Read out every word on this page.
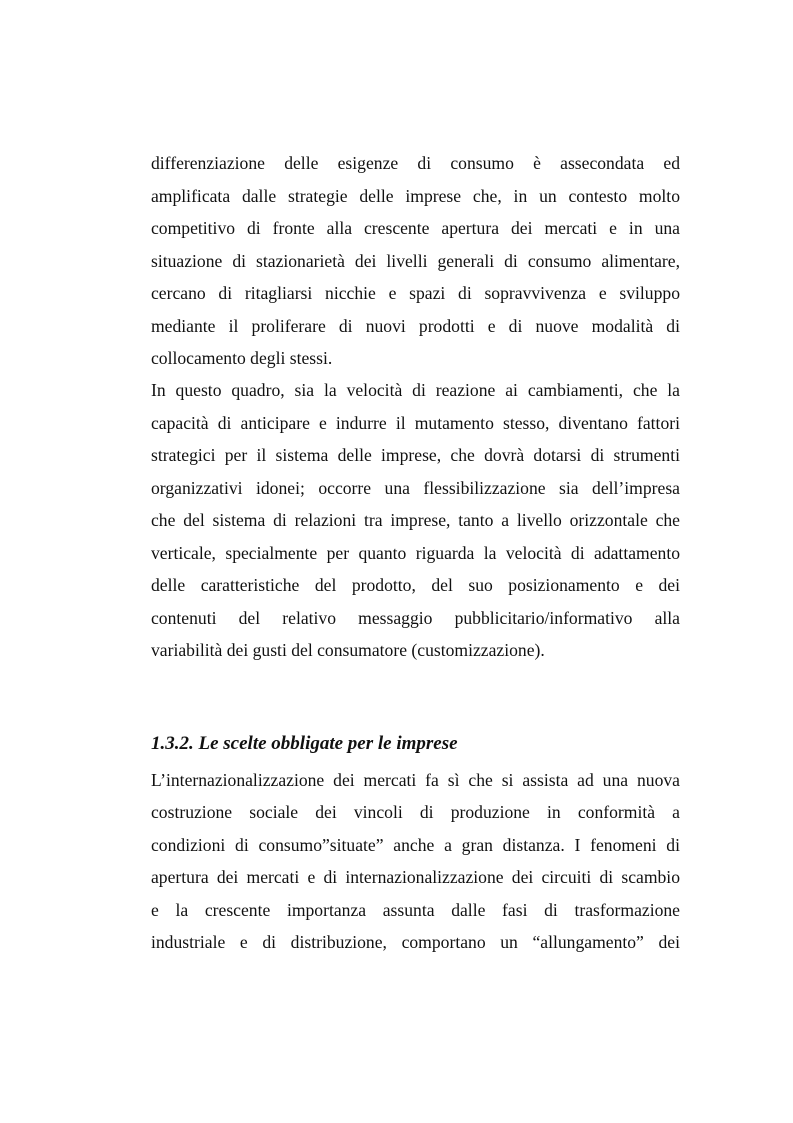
differenziazione delle esigenze di consumo è assecondata ed
amplificata dalle strategie delle imprese che, in un contesto molto
competitivo di fronte alla crescente apertura dei mercati e in una
situazione di stazionarietà dei livelli generali di consumo alimentare,
cercano di ritagliarsi nicchie e spazi di sopravvivenza e sviluppo
mediante il proliferare di nuovi prodotti e di nuove modalità di
collocamento degli stessi.
In questo quadro, sia la velocità di reazione ai cambiamenti, che la
capacità di anticipare e indurre il mutamento stesso, diventano fattori
strategici per il sistema delle imprese, che dovrà dotarsi di strumenti
organizzativi idonei; occorre una flessibilizzazione sia dell’impresa
che del sistema di relazioni tra imprese, tanto a livello orizzontale che
verticale, specialmente per quanto riguarda la velocità di adattamento
delle caratteristiche del prodotto, del suo posizionamento e dei
contenuti del relativo messaggio pubblicitario/informativo alla
variabilità dei gusti del consumatore (customizzazione).
1.3.2. Le scelte obbligate per le imprese
L’internazionalizzazione dei mercati fa sì che si assista ad una nuova
costruzione sociale dei vincoli di produzione in conformità a
condizioni di consumo”situate” anche a gran distanza. I fenomeni di
apertura dei mercati e di internazionalizzazione dei circuiti di scambio
e la crescente importanza assunta dalle fasi di trasformazione
industriale e di distribuzione, comportano un “allungamento” dei
